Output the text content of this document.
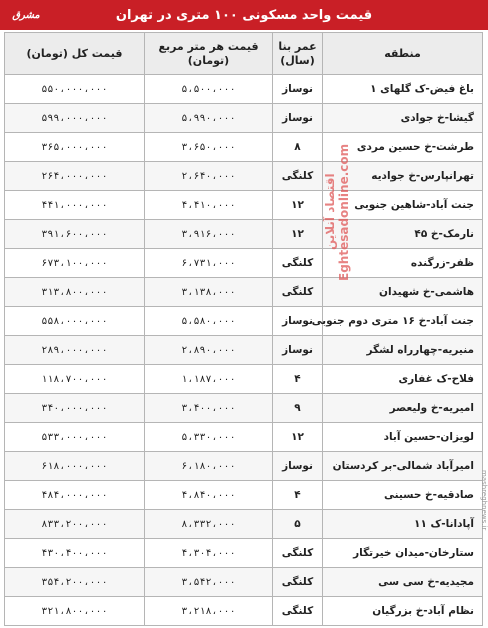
قیمت واحد مسکونی ۱۰۰ متری در تهران
مشرق
منطقه	عمر بنا (سال)	قیمت هر متر مربع (تومان)	قیمت کل (تومان)
باغ فیض-ک گلهای ۱	نوساز	۵،۵۰۰،۰۰۰	۵۵۰،۰۰۰،۰۰۰
گیشا-خ جوادی	نوساز	۵،۹۹۰،۰۰۰	۵۹۹،۰۰۰،۰۰۰
طرشت-خ حسین مردی	۸	۳،۶۵۰،۰۰۰	۳۶۵،۰۰۰،۰۰۰
تهرانپارس-خ جوادیه	کلنگی	۲،۶۴۰،۰۰۰	۲۶۴،۰۰۰،۰۰۰
جنت آباد-شاهین جنوبی	۱۲	۴،۴۱۰،۰۰۰	۴۴۱،۰۰۰،۰۰۰
نارمک-خ ۴۵	۱۲	۳،۹۱۶،۰۰۰	۳۹۱،۶۰۰،۰۰۰
ظفر-زرگنده	کلنگی	۶،۷۳۱،۰۰۰	۶۷۳،۱۰۰،۰۰۰
هاشمی-خ شهیدان	کلنگی	۳،۱۳۸،۰۰۰	۳۱۳،۸۰۰،۰۰۰
جنت آباد-خ ۱۶ متری دوم جنوبی	نوساز	۵،۵۸۰،۰۰۰	۵۵۸،۰۰۰،۰۰۰
منیریه-چهارراه لشگر	نوساز	۲،۸۹۰،۰۰۰	۲۸۹،۰۰۰،۰۰۰
فلاح-ک غفاری	۴	۱،۱۸۷،۰۰۰	۱۱۸،۷۰۰،۰۰۰
امیریه-خ ولیعصر	۹	۳،۴۰۰،۰۰۰	۳۴۰،۰۰۰،۰۰۰
لویزان-حسین آباد	۱۲	۵،۳۳۰،۰۰۰	۵۳۳،۰۰۰،۰۰۰
امیرآباد شمالی-بر کردستان	نوساز	۶،۱۸۰،۰۰۰	۶۱۸،۰۰۰،۰۰۰
صادقیه-خ حسینی	۴	۴،۸۴۰،۰۰۰	۴۸۴،۰۰۰،۰۰۰
آپادانا-ک ۱۱	۵	۸،۳۳۲،۰۰۰	۸۳۳،۲۰۰،۰۰۰
ستارخان-میدان خیرتگار	کلنگی	۴،۳۰۴،۰۰۰	۴۳۰،۴۰۰،۰۰۰
مجیدیه-خ سی سی	کلنگی	۳،۵۴۲،۰۰۰	۳۵۴،۲۰۰،۰۰۰
نظام آباد-خ بزرگیان	کلنگی	۳،۲۱۸،۰۰۰	۳۲۱،۸۰۰،۰۰۰
اقتصاد آنلاین Eghtesadonline.com
mashreghnews.ir
